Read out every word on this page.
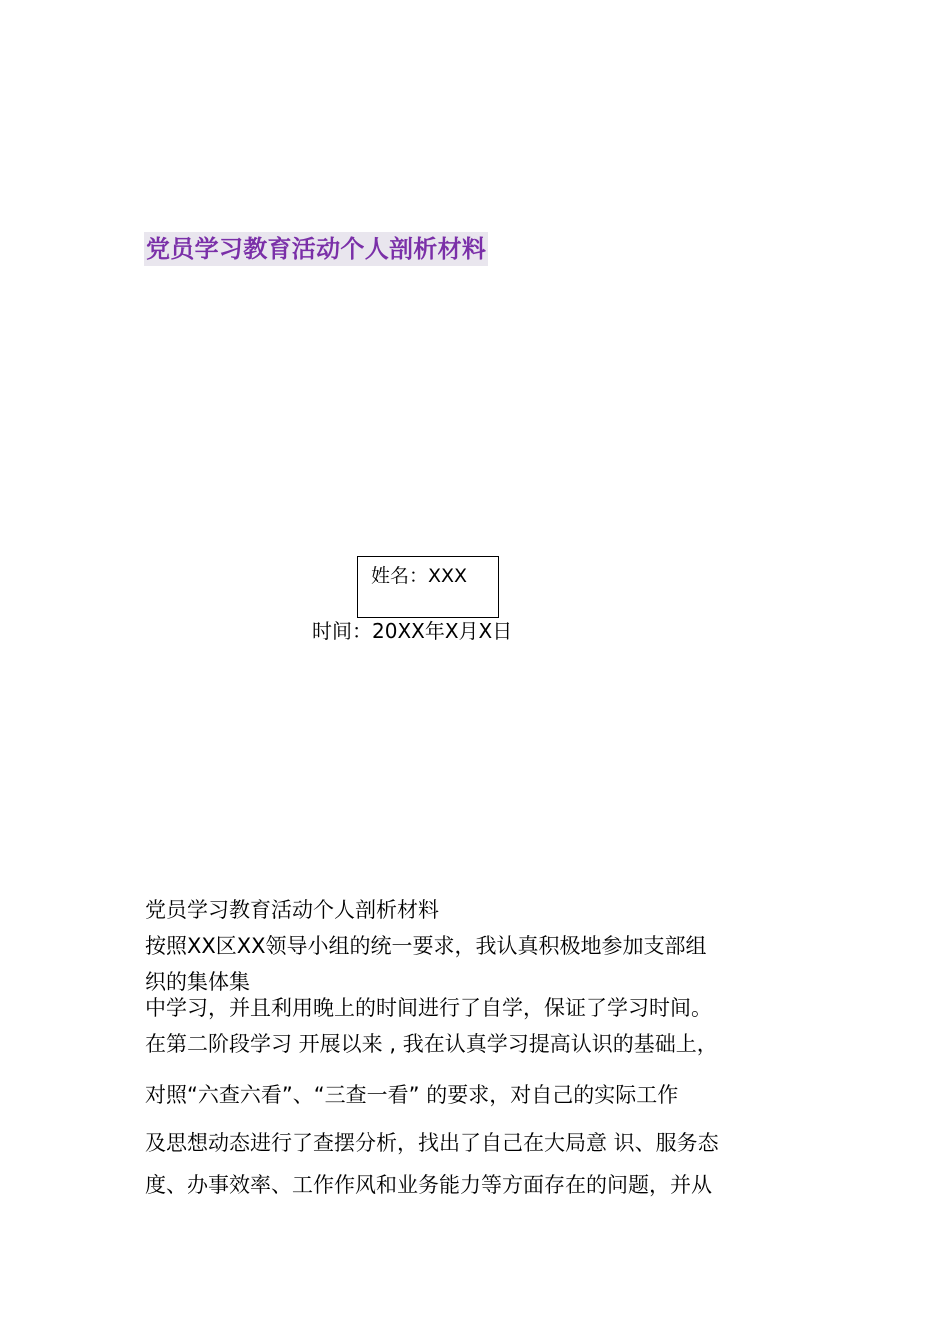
党员学习教育活动个人剖析材料
姓名：XXX
时间：20XX年X月X日
党员学习教育活动个人剖析材料
按照XX区XX领导小组的统一要求，我认真积极地参加支部组
织的集体集
中学习，并且利用晚上的时间进行了自学，保证了学习时间。
在第二阶段学习 开展以来 , 我在认真学习提高认识的基础上，
对照“六查六看”、“三查一看” 的要求，对自己的实际工作
及思想动态进行了查摆分析，找出了自己在大局意 识、服务态
度、办事效率、工作作风和业务能力等方面存在的问题，并从
